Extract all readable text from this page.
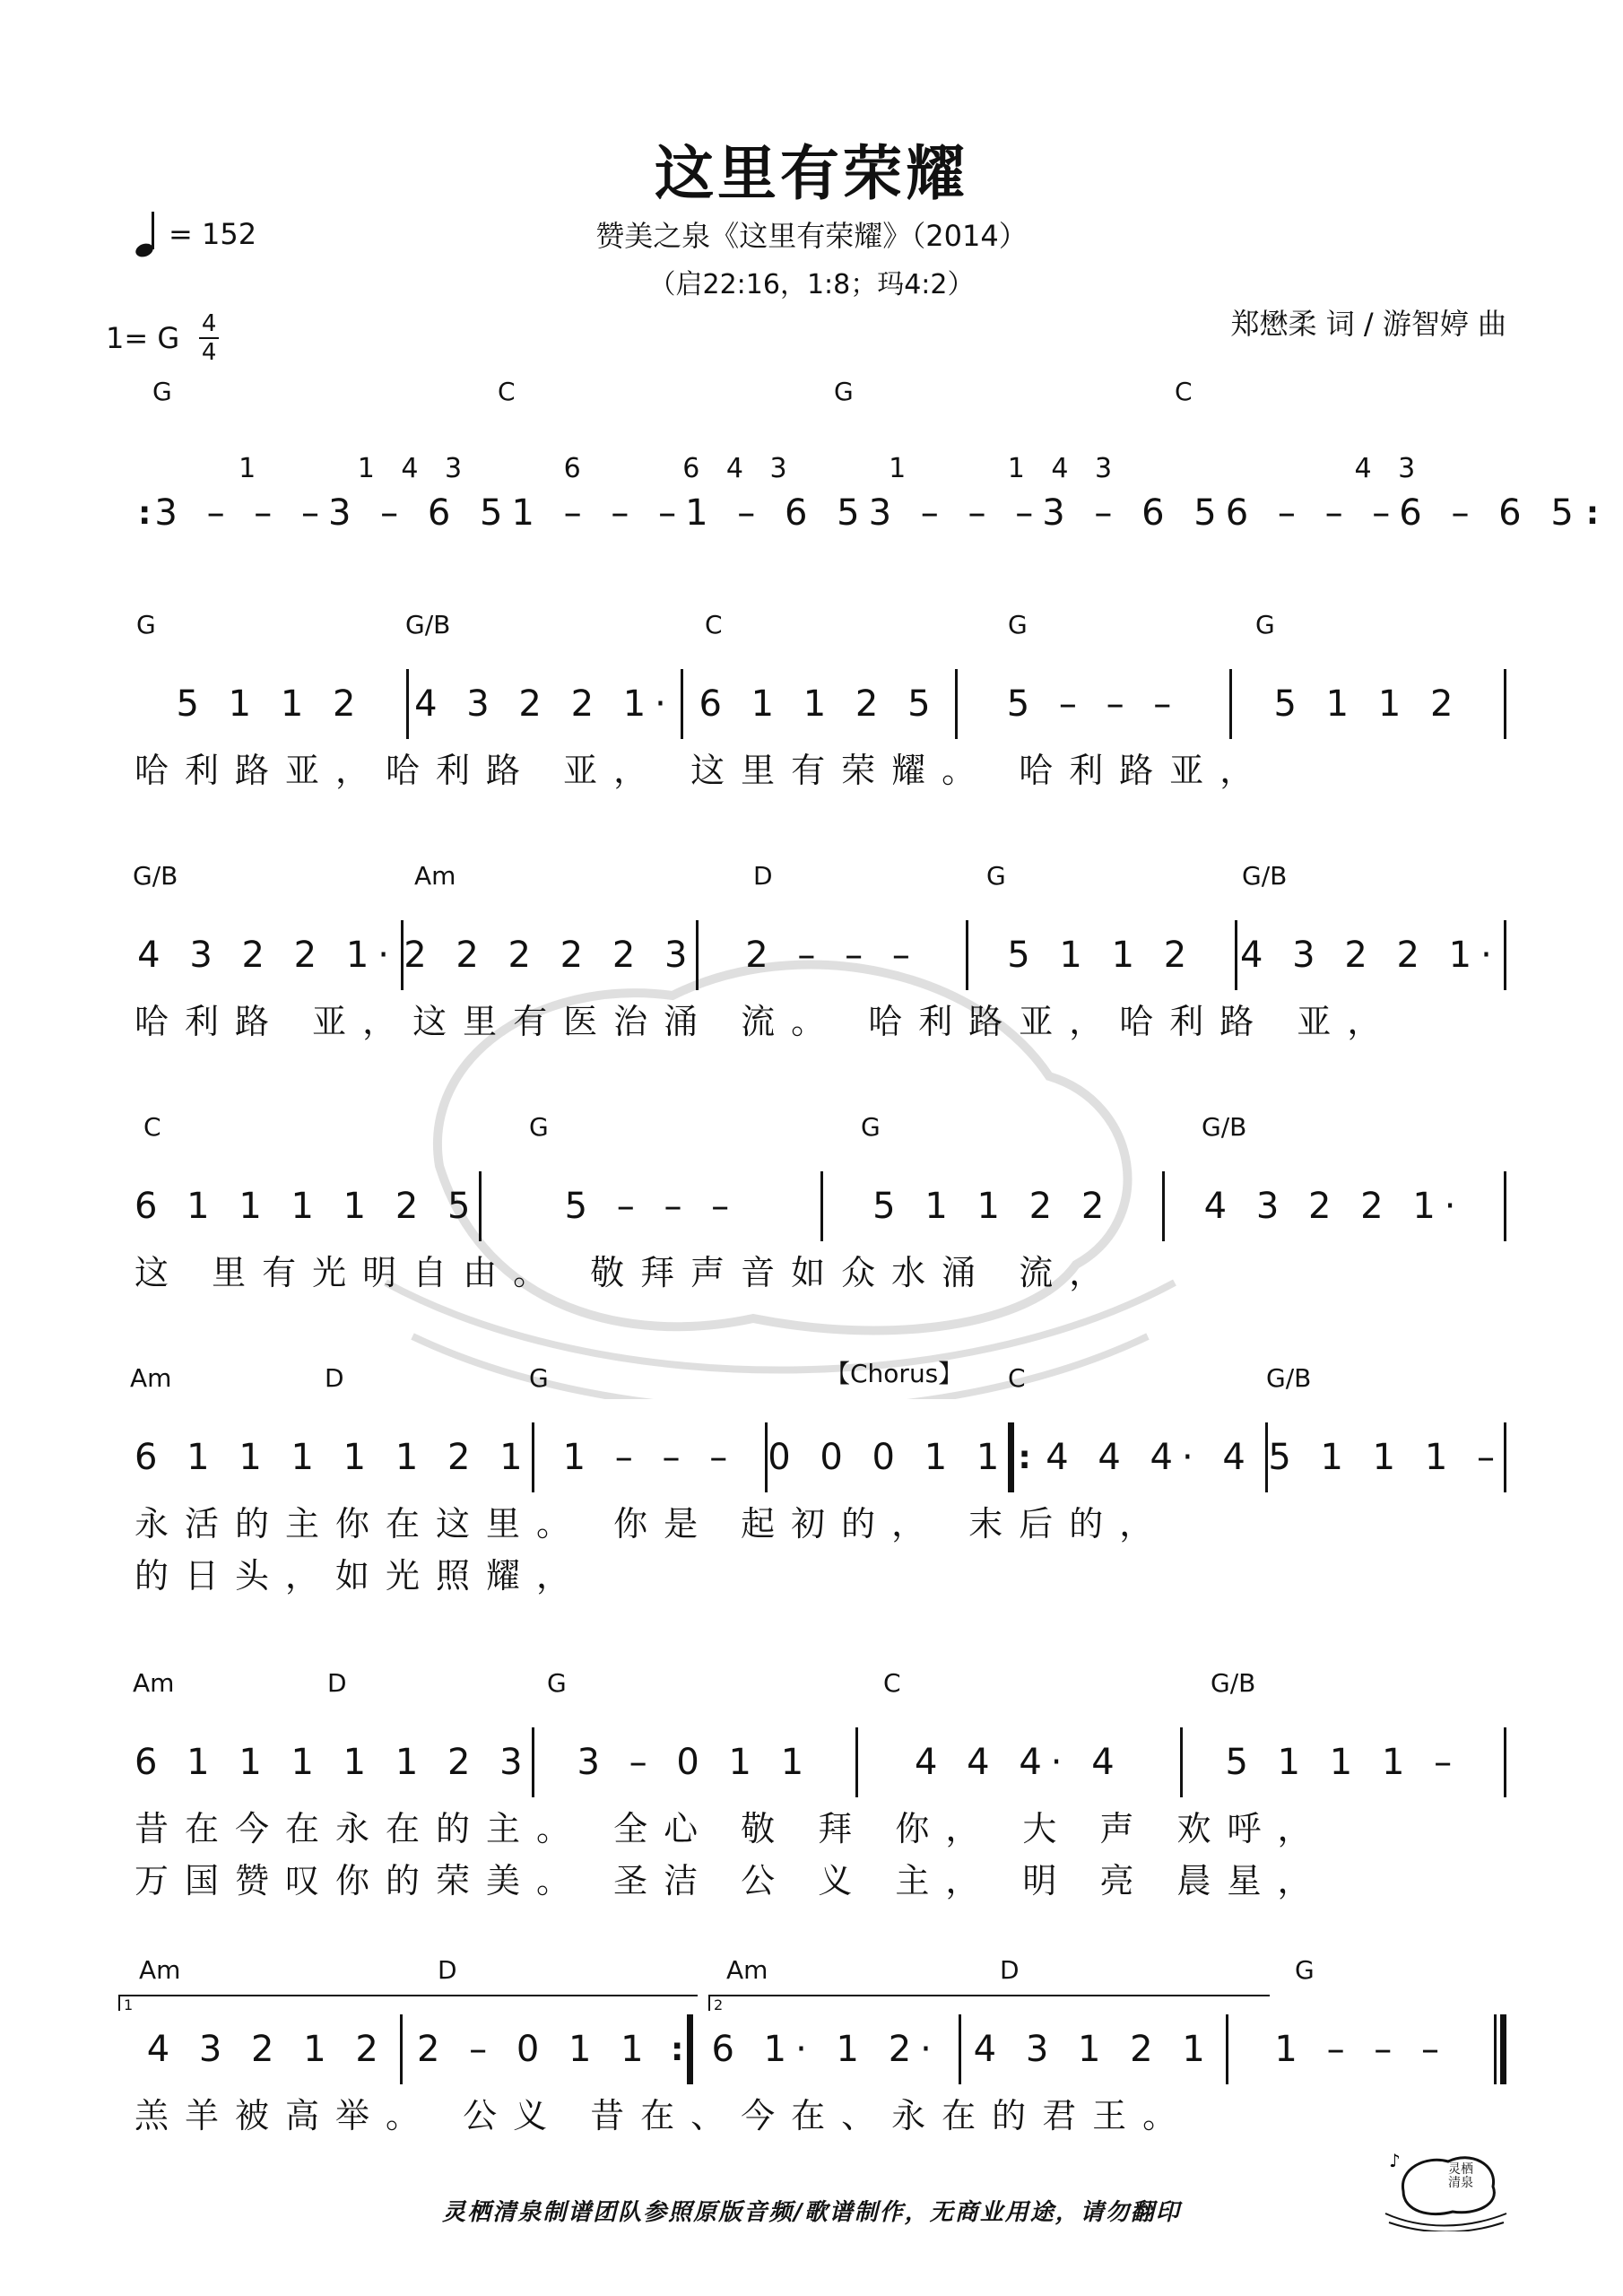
这里有荣耀
赞美之泉《这里有荣耀》（2014）
（启22:16，1:8；玛4:2）
郑懋柔 词 / 游智婷 曲
= 152
1= G $\frac{4}{4}$
G	C	G	C
1	1 4 3	6	6 4 3	1	1 4 3	4 3
: 3 – – – 3 – 6 5 1 – – – 1 – 6 5 3 – – – 3 – 6 5 6 – – – 6 – 6 5 :
G	G/B	C	G	G
5 1 1 2	4 3 2 2 1· 6 1 1 2 5	5 – – –	5 1 1 2
哈利路亚，哈利路 亚， 这里有荣耀。 哈利路亚，
G/B	Am	D	G	G/B
4 3 2 2 1· 2 2 2 2 2 3	2 – – –	5 1 1 2	4 3 2 2 1·
哈利路 亚，这里有医治涌 流。 哈利路亚，哈利路 亚，
C	G	G	G/B
6 1 1 1 1 2 5	5 – – –	5 1 1 2 2	4 3 2 2 1·
这 里有光明自由。 敬拜声音如众水涌 流，
Am	D	G	C	G/B
【Chorus】
6 1 1 1 1 1 2 1 1 – – – 0 0 0 1 1 : 4 4 4· 4 5 1 1 1 –
永活的主你在这里。 你是 起初的， 末后的，
的日头，如光照耀，
Am	D	G	C	G/B
6 1 1 1 1 1 2 3	3 – 0 1 1	4 4 4· 4	5 1 1 1 –
昔在今在永在的主。 全心 敬 拜 你， 大 声 欢呼，
万国赞叹你的荣美。 圣洁 公 义 主， 明 亮 晨星，
Am	D	Am	D	G
1	2
4 3 2 1 2 2 – 0 1 1 : 6 1· 1 2· 4 3 1 2 1	1 – – –
羔羊被高举。 公义 昔在、今在、永在的君王。
灵栖清泉制谱团队参照原版音频/歌谱制作，无商业用途，请勿翻印
♪	灵栖清泉
